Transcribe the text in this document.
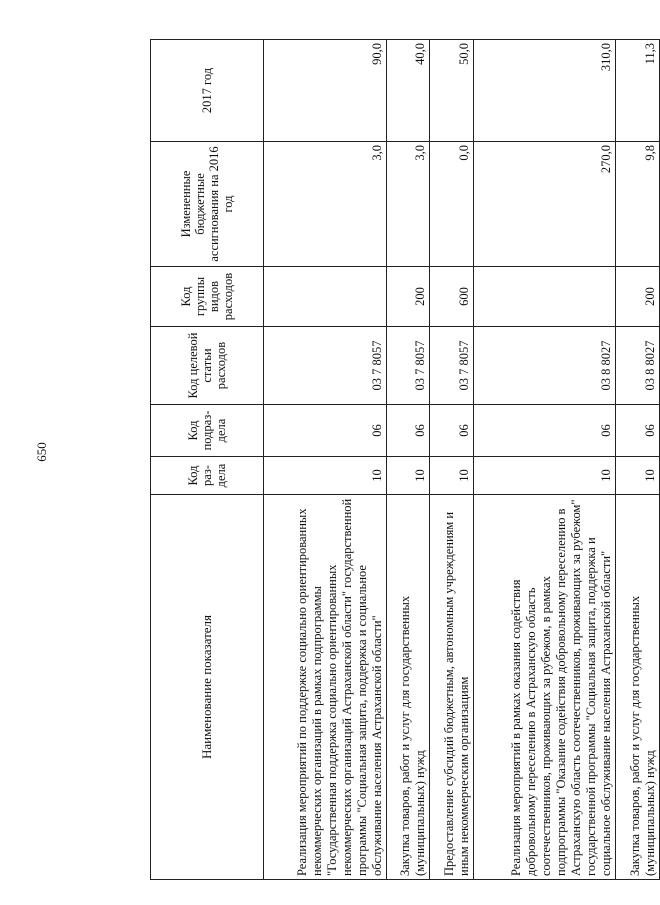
650
Наименование показателя	Код раз-дела	Код подраз-дела	Код целевой статьи расходов	Код группы видов расходов	Измененные бюджетные ассигнования на 2016 год	2017 год
Реализация мероприятий по поддержке социально ориентированных некоммерческих организаций в рамках подпрограммы "Государственная поддержка социально ориентированных некоммерческих организаций Астраханской области" государственной программы "Социальная защита, поддержка и социальное обслуживание населения Астраханской области"	10	06	03 7 8057		3,0	90,0
Закупка товаров, работ и услуг для государственных (муниципальных) нужд	10	06	03 7 8057	200	3,0	40,0
Предоставление субсидий бюджетным, автономным учреждениям и иным некоммерческим организациям	10	06	03 7 8057	600	0,0	50,0
Реализация мероприятий в рамках оказания содействия добровольному переселению в Астраханскую область соотечественников, проживающих за рубежом, в рамках подпрограммы "Оказание содействия добровольному переселению в Астраханскую область соотечественников, проживающих за рубежом" государственной программы "Социальная защита, поддержка и социальное обслуживание населения Астраханской области"	10	06	03 8 8027		270,0	310,0
Закупка товаров, работ и услуг для государственных (муниципальных) нужд	10	06	03 8 8027	200	9,8	11,3
